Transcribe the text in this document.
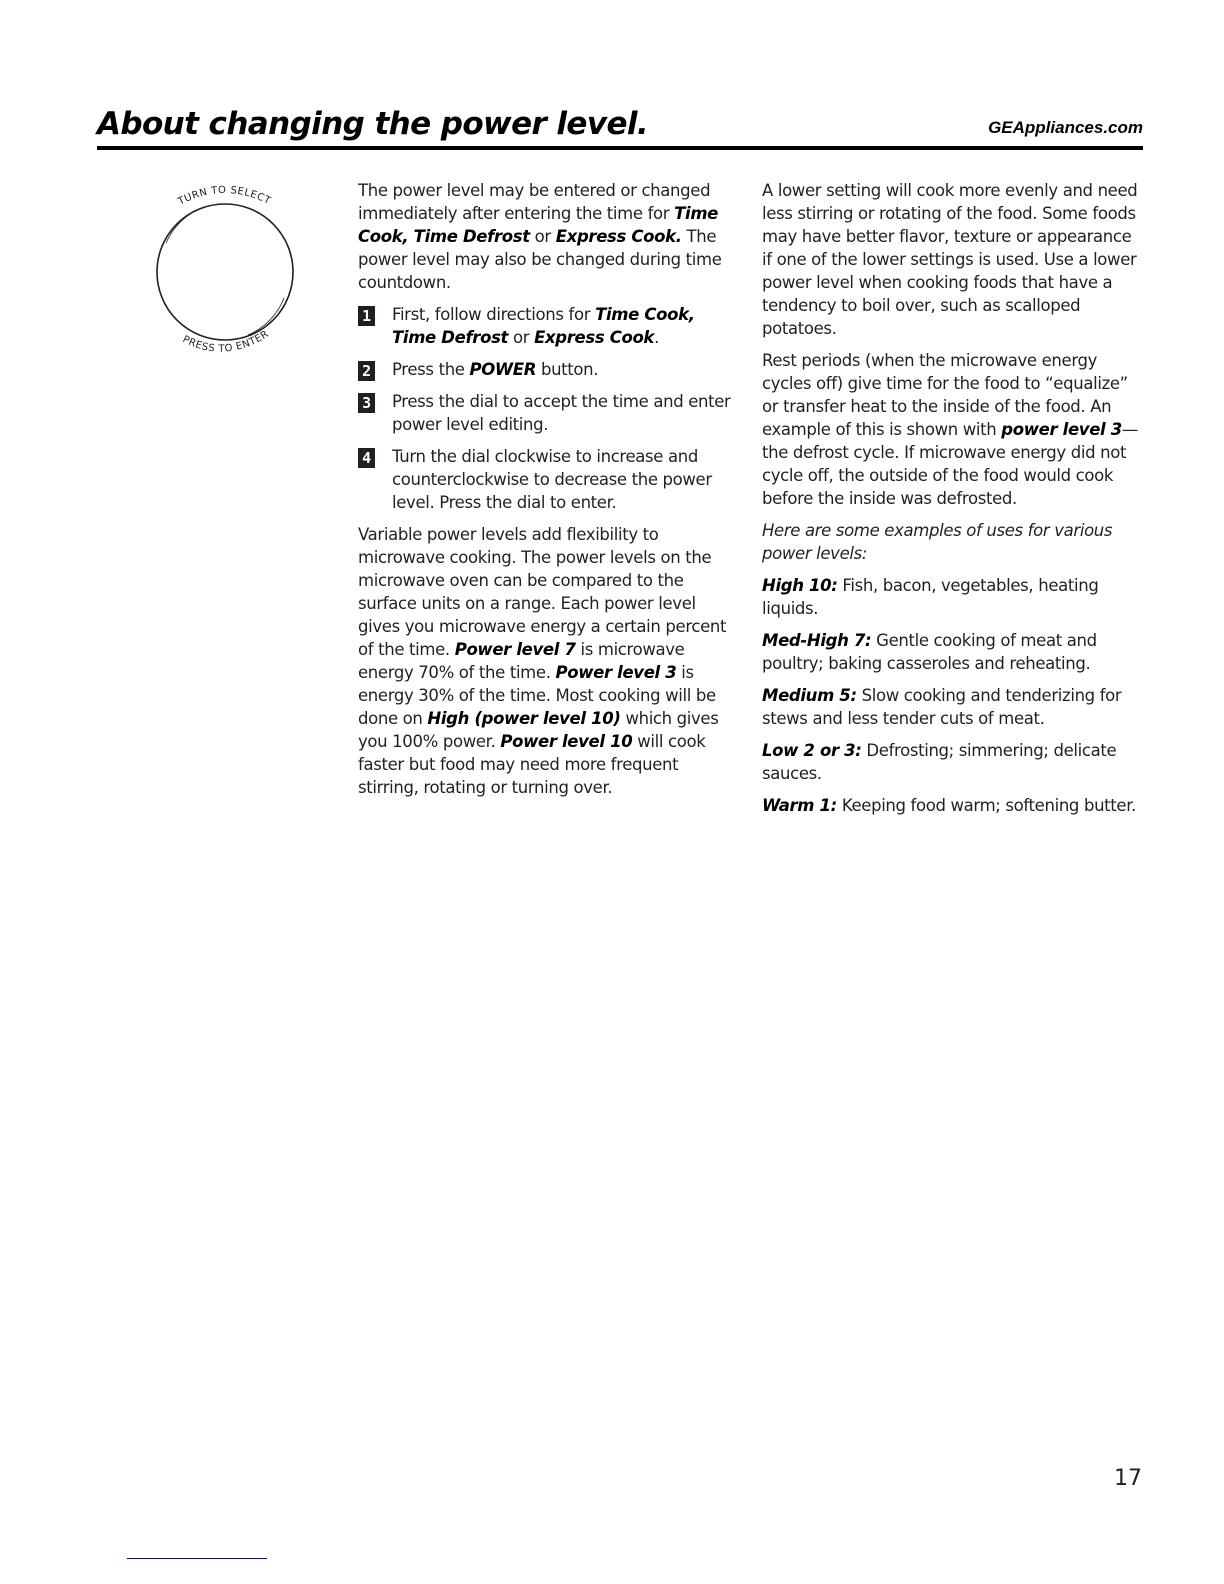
About changing the power level.	GEAppliances.com
TURN TO SELECT
PRESS TO ENTER

The power level may be entered or changed immediately after entering the time for Time Cook, Time Defrost or Express Cook. The power level may also be changed during time countdown.

1 First, follow directions for Time Cook, Time Defrost or Express Cook.

2 Press the POWER button.

3 Press the dial to accept the time and enter power level editing.

4 Turn the dial clockwise to increase and counterclockwise to decrease the power level. Press the dial to enter.

Variable power levels add flexibility to microwave cooking. The power levels on the microwave oven can be compared to the surface units on a range. Each power level gives you microwave energy a certain percent of the time. Power level 7 is microwave energy 70% of the time. Power level 3 is energy 30% of the time. Most cooking will be done on High (power level 10) which gives you 100% power. Power level 10 will cook faster but food may need more frequent stirring, rotating or turning over.

A lower setting will cook more evenly and need less stirring or rotating of the food. Some foods may have better flavor, texture or appearance if one of the lower settings is used. Use a lower power level when cooking foods that have a tendency to boil over, such as scalloped potatoes.

Rest periods (when the microwave energy cycles off) give time for the food to “equalize” or transfer heat to the inside of the food. An example of this is shown with power level 3—the defrost cycle. If microwave energy did not cycle off, the outside of the food would cook before the inside was defrosted.

Here are some examples of uses for various power levels:

High 10: Fish, bacon, vegetables, heating liquids.

Med-High 7: Gentle cooking of meat and poultry; baking casseroles and reheating.

Medium 5: Slow cooking and tenderizing for stews and less tender cuts of meat.

Low 2 or 3: Defrosting; simmering; delicate sauces.

Warm 1: Keeping food warm; softening butter.

17
